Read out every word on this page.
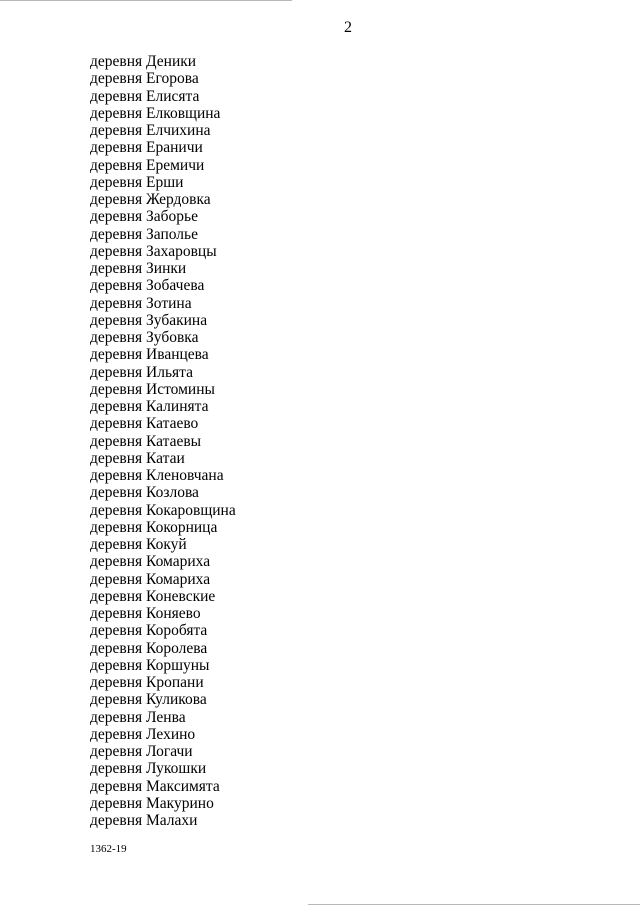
2
деревня Деники
деревня Егорова
деревня Елисята
деревня Елковщина
деревня Елчихина
деревня Ераничи
деревня Еремичи
деревня Ерши
деревня Жердовка
деревня Заборье
деревня Заполье
деревня Захаровцы
деревня Зинки
деревня Зобачева
деревня Зотина
деревня Зубакина
деревня Зубовка
деревня Иванцева
деревня Ильята
деревня Истомины
деревня Калинята
деревня Катаево
деревня Катаевы
деревня Катаи
деревня Кленовчана
деревня Козлова
деревня Кокаровщина
деревня Кокорница
деревня Кокуй
деревня Комариха
деревня Комариха
деревня Коневские
деревня Коняево
деревня Коробята
деревня Королева
деревня Коршуны
деревня Кропани
деревня Куликова
деревня Ленва
деревня Лехино
деревня Логачи
деревня Лукошки
деревня Максимята
деревня Макурино
деревня Малахи
1362-19
